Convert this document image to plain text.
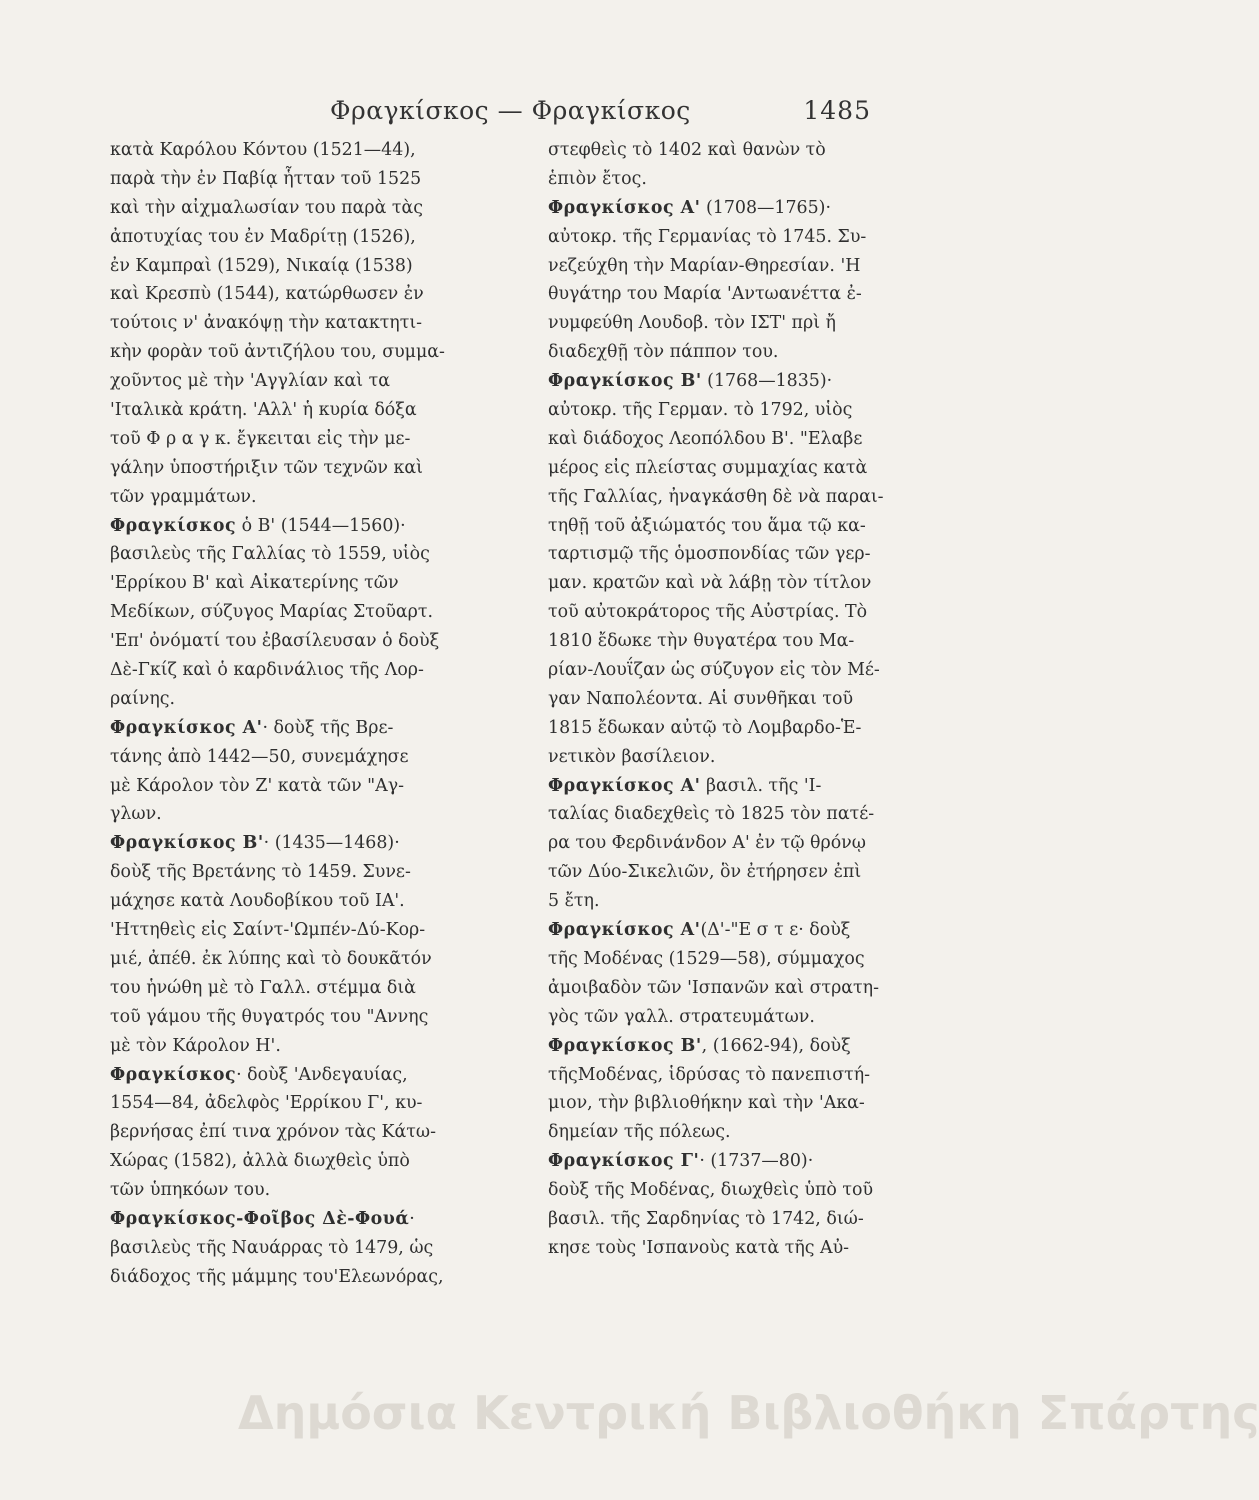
Φραγκίσκος — Φραγκίσκος	1485
κατὰ Καρόλου Κόντου (1521—44),
παρὰ τὴν ἐν Παβίᾳ ἧτταν τοῦ 1525
καὶ τὴν αἰχμαλωσίαν του παρὰ τὰς
ἀποτυχίας του ἐν Μαδρίτῃ (1526),
ἐν Καμπραὶ (1529), Νικαίᾳ (1538)
καὶ Κρεσπὺ (1544), κατώρθωσεν ἐν
τούτοις ν' ἀνακόψῃ τὴν κατακτητι-
κὴν φορὰν τοῦ ἀντιζήλου του, συμμα-
χοῦντος μὲ τὴν 'Αγγλίαν καὶ τα
'Ιταλικὰ κράτη. 'Αλλ' ἡ κυρία δόξα
τοῦ Φ ρ α γ κ. ἔγκειται εἰς τὴν με-
γάλην ὑποστήριξιν τῶν τεχνῶν καὶ
τῶν γραμμάτων.
Φραγκίσκος ὁ Β' (1544—1560)·
βασιλεὺς τῆς Γαλλίας τὸ 1559, υἱὸς
'Ερρίκου Β' καὶ Αἰκατερίνης τῶν
Μεδίκων, σύζυγος Μαρίας Στοῦαρτ.
'Επ' ὀνόματί του ἐβασίλευσαν ὁ δοὺξ
Δὲ-Γκίζ καὶ ὁ καρδινάλιος τῆς Λορ-
ραίνης.
Φραγκίσκος Α'· δοὺξ τῆς Βρε-
τάνης ἀπὸ 1442—50, συνεμάχησε
μὲ Κάρολον τὸν Ζ' κατὰ τῶν "Αγ-
γλων.
Φραγκίσκος Β'· (1435—1468)·
δοὺξ τῆς Βρετάνης τὸ 1459. Συνε-
μάχησε κατὰ Λουδοβίκου τοῦ ΙΑ'.
'Ηττηθεὶς εἰς Σαίντ-'Ωμπέν-Δύ-Κορ-
μιέ, ἀπέθ. ἐκ λύπης καὶ τὸ δουκᾶτόν
του ἡνώθη μὲ τὸ Γαλλ. στέμμα διὰ
τοῦ γάμου τῆς θυγατρός του "Αννης
μὲ τὸν Κάρολον Η'.
Φραγκίσκος· δοὺξ 'Ανδεγαυίας,
1554—84, ἀδελφὸς 'Ερρίκου Γ', κυ-
βερνήσας ἐπί τινα χρόνον τὰς Κάτω-
Χώρας (1582), ἀλλὰ διωχθεὶς ὑπὸ
τῶν ὑπηκόων του.
Φραγκίσκος-Φοῖβος Δὲ-Φουά·
βασιλεὺς τῆς Ναυάρρας τὸ 1479, ὡς
διάδοχος τῆς μάμμης του'Ελεωνόρας,
στεφθεὶς τὸ 1402 καὶ θανὼν τὸ
ἑπιὸν ἔτος.
Φραγκίσκος Α' (1708—1765)·
αὐτοκρ. τῆς Γερμανίας τὸ 1745. Συ-
νεζεύχθη τὴν Μαρίαν-Θηρεσίαν. 'Η
θυγάτηρ του Μαρία 'Αντωανέττα ἐ-
νυμφεύθη Λουδοβ. τὸν ΙΣΤ' πρὶ ἤ
διαδεχθῇ τὸν πάππον του.
Φραγκίσκος Β' (1768—1835)·
αὐτοκρ. τῆς Γερμαν. τὸ 1792, υἱὸς
καὶ διάδοχος Λεοπόλδου Β'. "Ελαβε
μέρος εἰς πλείστας συμμαχίας κατὰ
τῆς Γαλλίας, ἠναγκάσθη δὲ νὰ παραι-
τηθῇ τοῦ ἀξιώματός του ἅμα τῷ κα-
ταρτισμῷ τῆς ὁμοσπονδίας τῶν γερ-
μαν. κρατῶν καὶ νὰ λάβῃ τὸν τίτλον
τοῦ αὐτοκράτορος τῆς Αὐστρίας. Τὸ
1810 ἔδωκε τὴν θυγατέρα του Μα-
ρίαν-Λουΐζαν ὡς σύζυγον εἰς τὸν Μέ-
γαν Ναπολέοντα. Αἱ συνθῆκαι τοῦ
1815 ἔδωκαν αὐτῷ τὸ Λομβαρδο-Ἑ-
νετικὸν βασίλειον.
Φραγκίσκος Α' βασιλ. τῆς 'Ι-
ταλίας διαδεχθεὶς τὸ 1825 τὸν πατέ-
ρα του Φερδινάνδον Α' ἐν τῷ θρόνῳ
τῶν Δύο-Σικελιῶν, ὃν ἐτήρησεν ἐπὶ
5 ἔτη.
Φραγκίσκος Α'(Δ'-"Ε σ τ ε· δοὺξ
τῆς Μοδένας (1529—58), σύμμαχος
ἀμοιβαδὸν τῶν 'Ισπανῶν καὶ στρατη-
γὸς τῶν γαλλ. στρατευμάτων.
Φραγκίσκος Β', (1662-94), δοὺξ
τῆςΜοδένας, ἱδρύσας τὸ πανεπιστή-
μιον, τὴν βιβλιοθήκην καὶ τὴν 'Ακα-
δημείαν τῆς πόλεως.
Φραγκίσκος Γ'· (1737—80)·
δοὺξ τῆς Μοδένας, διωχθεὶς ὑπὸ τοῦ
βασιλ. τῆς Σαρδηνίας τὸ 1742, διώ-
κησε τοὺς 'Ισπανοὺς κατὰ τῆς Αὐ-
Δημόσια Κεντρική Βιβλιοθήκη Σπάρτης
